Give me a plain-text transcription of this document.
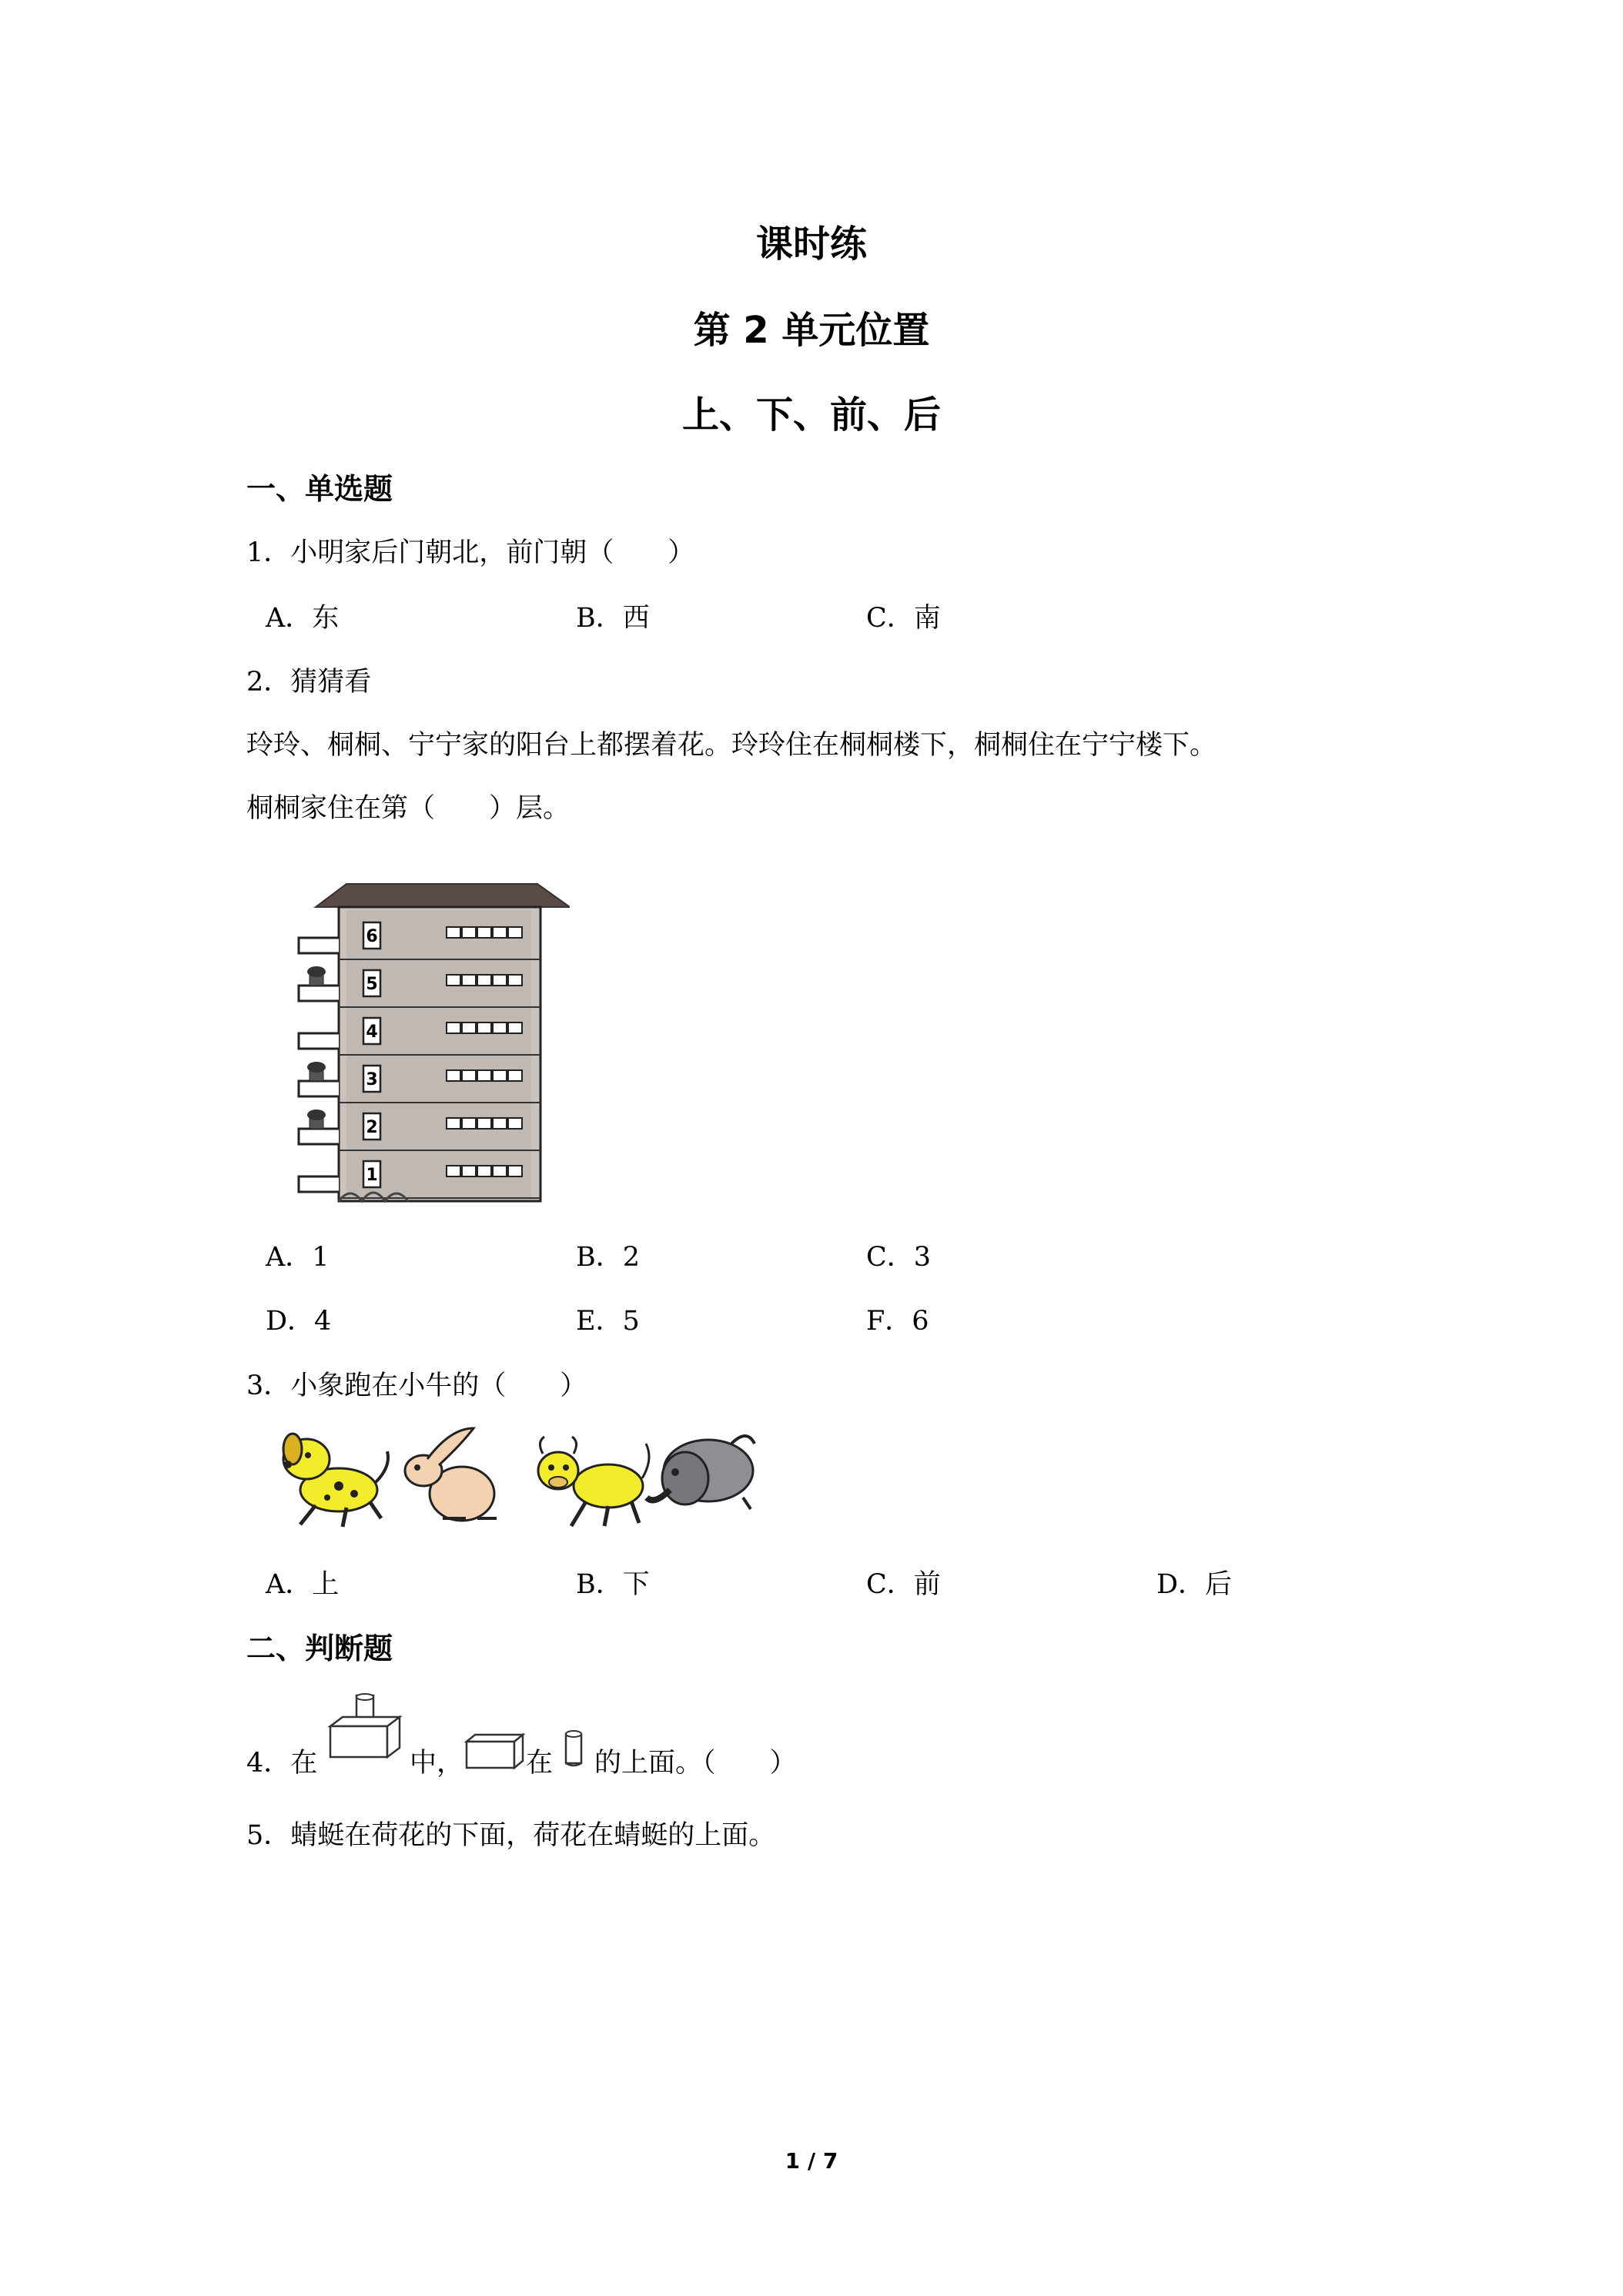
课时练
第 2 单元位置
上、下、前、后
一、单选题
1．小明家后门朝北，前门朝（　　）
A．东	B．西	C．南
2．猜猜看
玲玲、桐桐、宁宁家的阳台上都摆着花。玲玲住在桐桐楼下，桐桐住在宁宁楼下。
桐桐家住在第（　　）层。
6
5
4
3
2
1
A．1	B．2	C．3
D．4	E．5	F．6
3．小象跑在小牛的（　　）
A．上	B．下	C．前	D．后
二、判断题
4．在	中， 在 的上面。（　　）
5．蜻蜓在荷花的下面，荷花在蜻蜓的上面。
1 / 7
